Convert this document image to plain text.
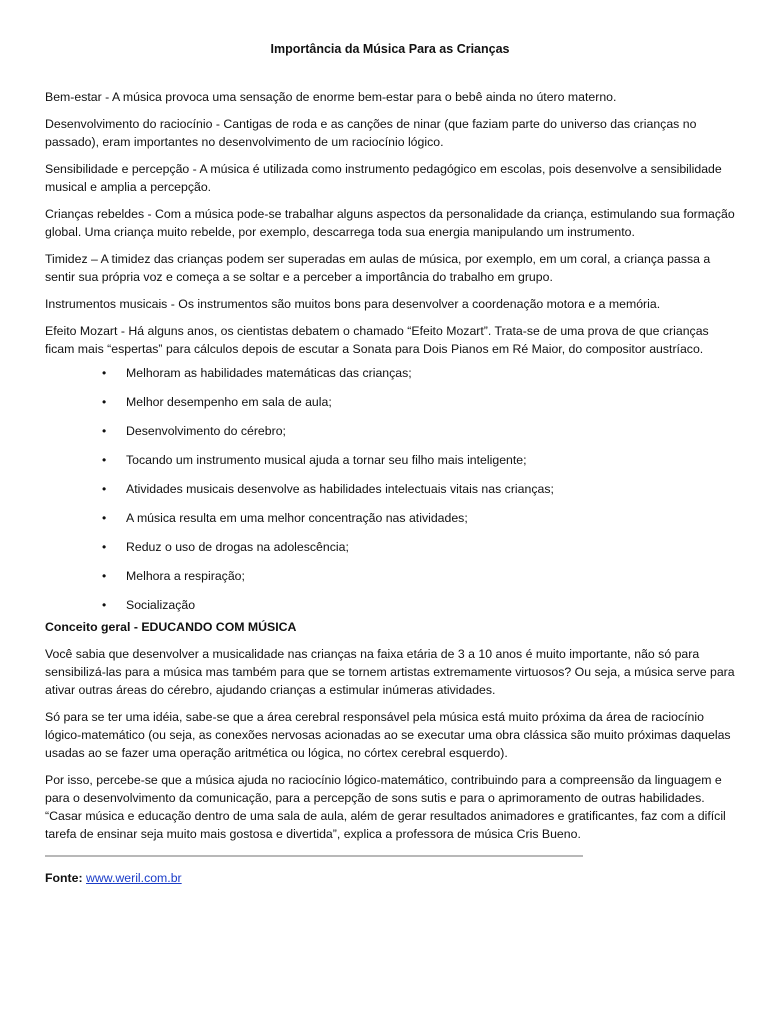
Importância da Música Para as Crianças

Bem-estar - A música provoca uma sensação de enorme bem-estar para o bebê ainda no útero materno.

Desenvolvimento do raciocínio - Cantigas de roda e as canções de ninar (que faziam parte do universo das crianças no passado), eram importantes no desenvolvimento de um raciocínio lógico.

Sensibilidade e percepção - A música é utilizada como instrumento pedagógico em escolas, pois desenvolve a sensibilidade musical e amplia a percepção.

Crianças rebeldes - Com a música pode-se trabalhar alguns aspectos da personalidade da criança, estimulando sua formação global. Uma criança muito rebelde, por exemplo, descarrega toda sua energia manipulando um instrumento.

Timidez – A timidez das crianças podem ser superadas em aulas de música, por exemplo, em um coral, a criança passa a sentir sua própria voz e começa a se soltar e a perceber a importância do trabalho em grupo.

Instrumentos musicais - Os instrumentos são muitos bons para desenvolver a coordenação motora e a memória.

Efeito Mozart - Há alguns anos, os cientistas debatem o chamado “Efeito Mozart”. Trata-se de uma prova de que crianças ficam mais “espertas” para cálculos depois de escutar a Sonata para Dois Pianos em Ré Maior, do compositor austríaco.

• Melhoram as habilidades matemáticas das crianças;
• Melhor desempenho em sala de aula;
• Desenvolvimento do cérebro;
• Tocando um instrumento musical ajuda a tornar seu filho mais inteligente;
• Atividades musicais desenvolve as habilidades intelectuais vitais nas crianças;
• A música resulta em uma melhor concentração nas atividades;
• Reduz o uso de drogas na adolescência;
• Melhora a respiração;
• Socialização

Conceito geral - EDUCANDO COM MÚSICA

Você sabia que desenvolver a musicalidade nas crianças na faixa etária de 3 a 10 anos é muito importante, não só para sensibilizá-las para a música mas também para que se tornem artistas extremamente virtuosos? Ou seja, a música serve para ativar outras áreas do cérebro, ajudando crianças a estimular inúmeras atividades.

Só para se ter uma idéia, sabe-se que a área cerebral responsável pela música está muito próxima da área de raciocínio lógico-matemático (ou seja, as conexões nervosas acionadas ao se executar uma obra clássica são muito próximas daquelas usadas ao se fazer uma operação aritmética ou lógica, no córtex cerebral esquerdo).

Por isso, percebe-se que a música ajuda no raciocínio lógico-matemático, contribuindo para a compreensão da linguagem e para o desenvolvimento da comunicação, para a percepção de sons sutis e para o aprimoramento de outras habilidades. “Casar música e educação dentro de uma sala de aula, além de gerar resultados animadores e gratificantes, faz com a difícil tarefa de ensinar seja muito mais gostosa e divertida”, explica a professora de música Cris Bueno.

Fonte: www.weril.com.br
